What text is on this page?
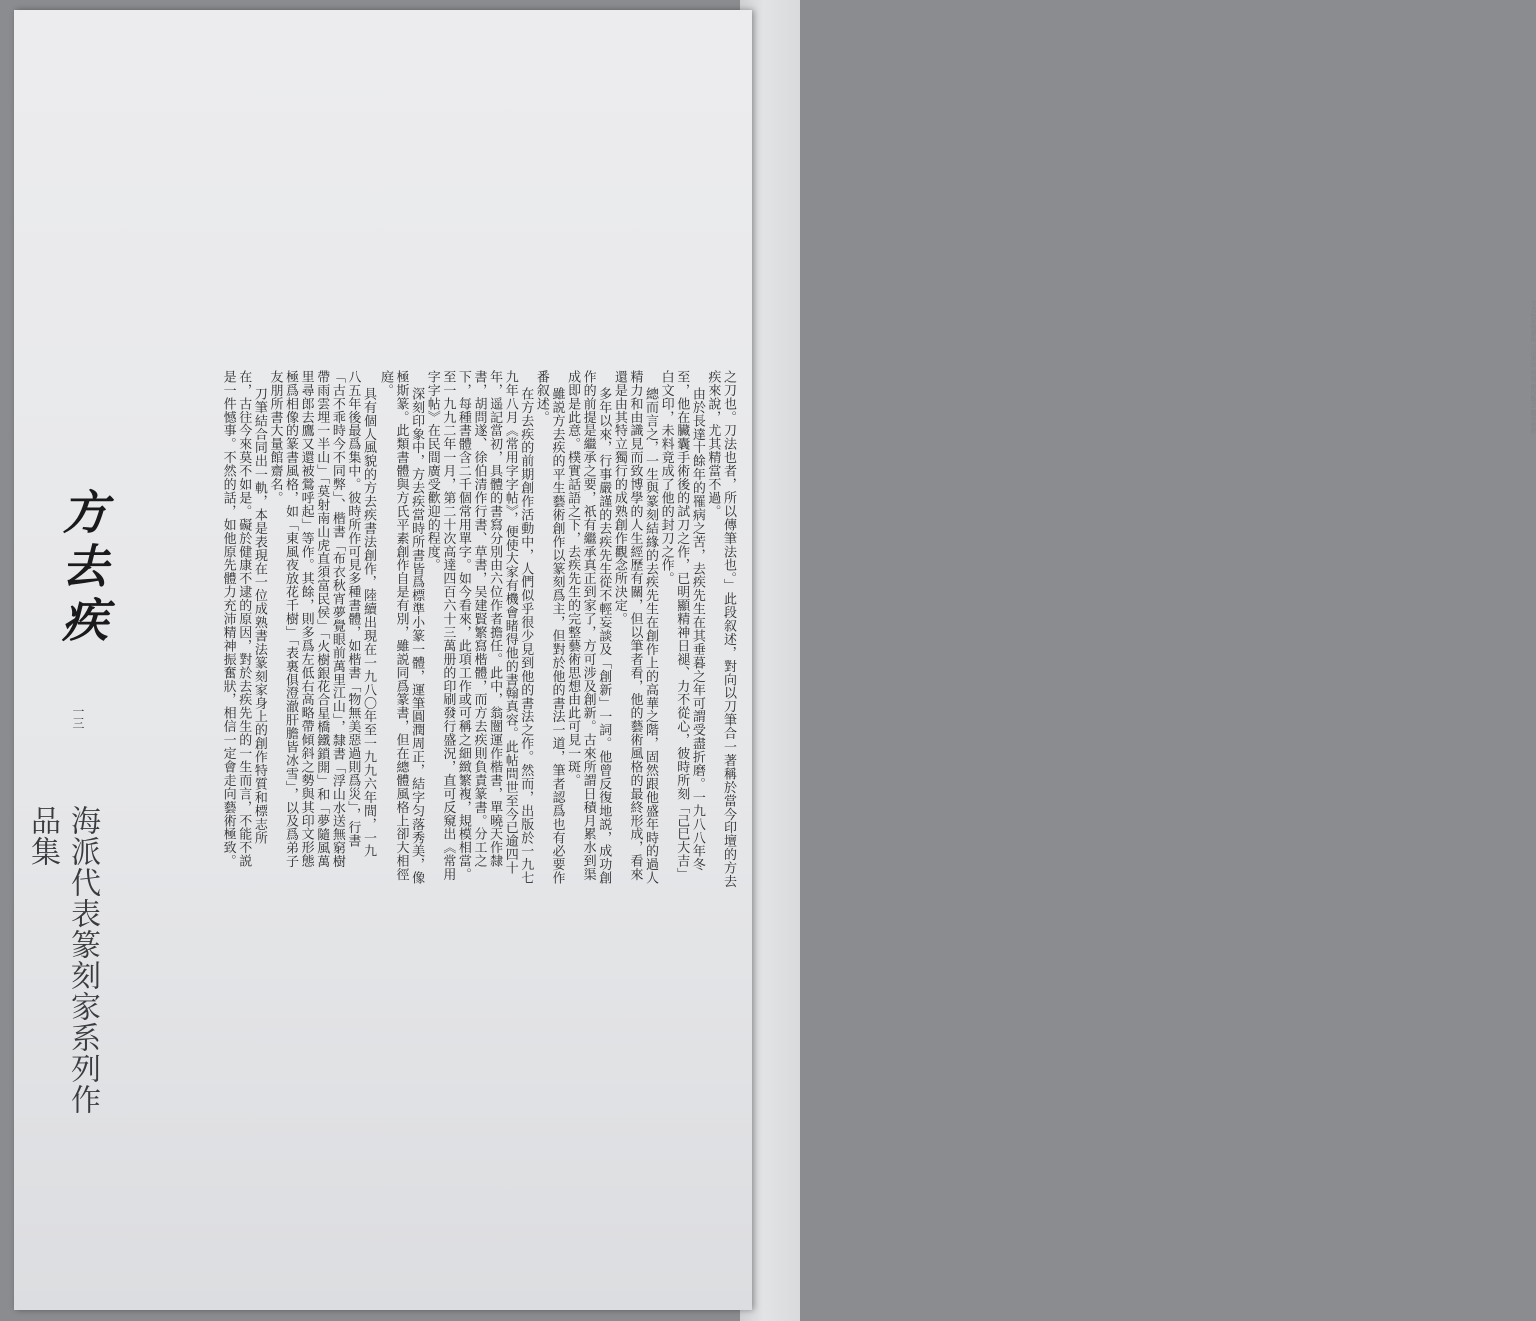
方去疾篆刻藝術 刀法筆法 印壇 創作觀念 繼承創新

之刀也。刀法也者，所以傳筆法也。」此段叙述，對向以刀筆合一著稱於當今印壇的方去疾來說，尤其精當不過。

由於長達十餘年的罹病之苦，去疾先生在其垂暮之年可謂受盡折磨。一九八八年冬至，他在臟囊手術後的試刀之作，已明顯精神日褪、力不從心，彼時所刻「己巳大吉」白文印，未料竟成了他的封刀之作。

總而言之，一生與篆刻結緣的去疾先生在創作上的高華之階，固然跟他盛年時的過人精力和由識見而致博學的人生經歷有關，但以筆者看，他的藝術風格的最終形成，看來還是由其特立獨行的成熟創作觀念所決定。

多年以來，行事嚴謹的去疾先生從不輕妄談及「創新」一詞。他曾反復地説，成功創作的前提是繼承之要，祇有繼承真正到家了，方可涉及創新。古來所謂日積月累水到渠成即是此意。樸實話語之下，去疾先生的完整藝術思想由此可見一斑。

雖説方去疾的平生藝術創作以篆刻爲主，但對於他的書法一道，筆者認爲也有必要作番叙述。

在方去疾的前期創作活動中，人們似乎很少見到他的書法之作。然而，出版於一九七九年八月《常用字字帖》，便使大家有機會睹得他的書翰真容。此帖問世至今已逾四十年，遥記當初，具體的書寫分別由六位作者擔任。此中，翁闓運作楷書，單曉天作隸書，胡問遂、徐伯清作行書、草書，吴建賢繁寫楷體，而方去疾則負責篆書。分工之下，每種書體含二千個常用單字。如今看來，此項工作或可稱之細緻繁複，規模相當。至一九九二年一月，第二十次高達四百六十三萬册的印刷發行盛況，直可反窺出《常用字字帖》在民間廣受歡迎的程度。

深刻印象中，方去疾當時所書皆爲標準小篆一體，運筆圓潤周正，結字匀落秀美，像極斯篆。此類書體與方氏平素創作自是有別，雖説同爲篆書，但在總體風格上卻大相徑庭。

具有個人風貌的方去疾書法創作，陸續出現在一九八〇年至一九九六年間，一九八五年後最爲集中。彼時所作可見多種書體，如楷書「物無美惡過則爲災」，行書「古不乖時今不同弊」、楷書「布衣秋宵夢覺眼前萬里江山」，隸書「浮山水送無窮樹帶雨雲埋一半山」「莫射南山虎直須富民侯」「火樹銀花合星橋鐵鎖開」和「夢隨風萬里尋郎去鷹又還被鶯呼起」等作。其餘，則多爲左低右高略帶傾斜之勢與其印文形態極爲相像的篆書風格，如「東風夜放花千樹」「表裏俱澄澈肝膽皆冰雪」，以及爲弟子友朋所書大量館齋名。

刀筆結合同出一軌，本是表現在一位成熟書法篆刻家身上的創作特質和標志所在，古往今來莫不如是。礙於健康不逮的原因，對於去疾先生的一生而言，不能不説是一件憾事。不然的話，如他原先體力充沛精神振奮狀，相信一定會走向藝術極致。

方去疾
一三
海派代表篆刻家系列作品集
